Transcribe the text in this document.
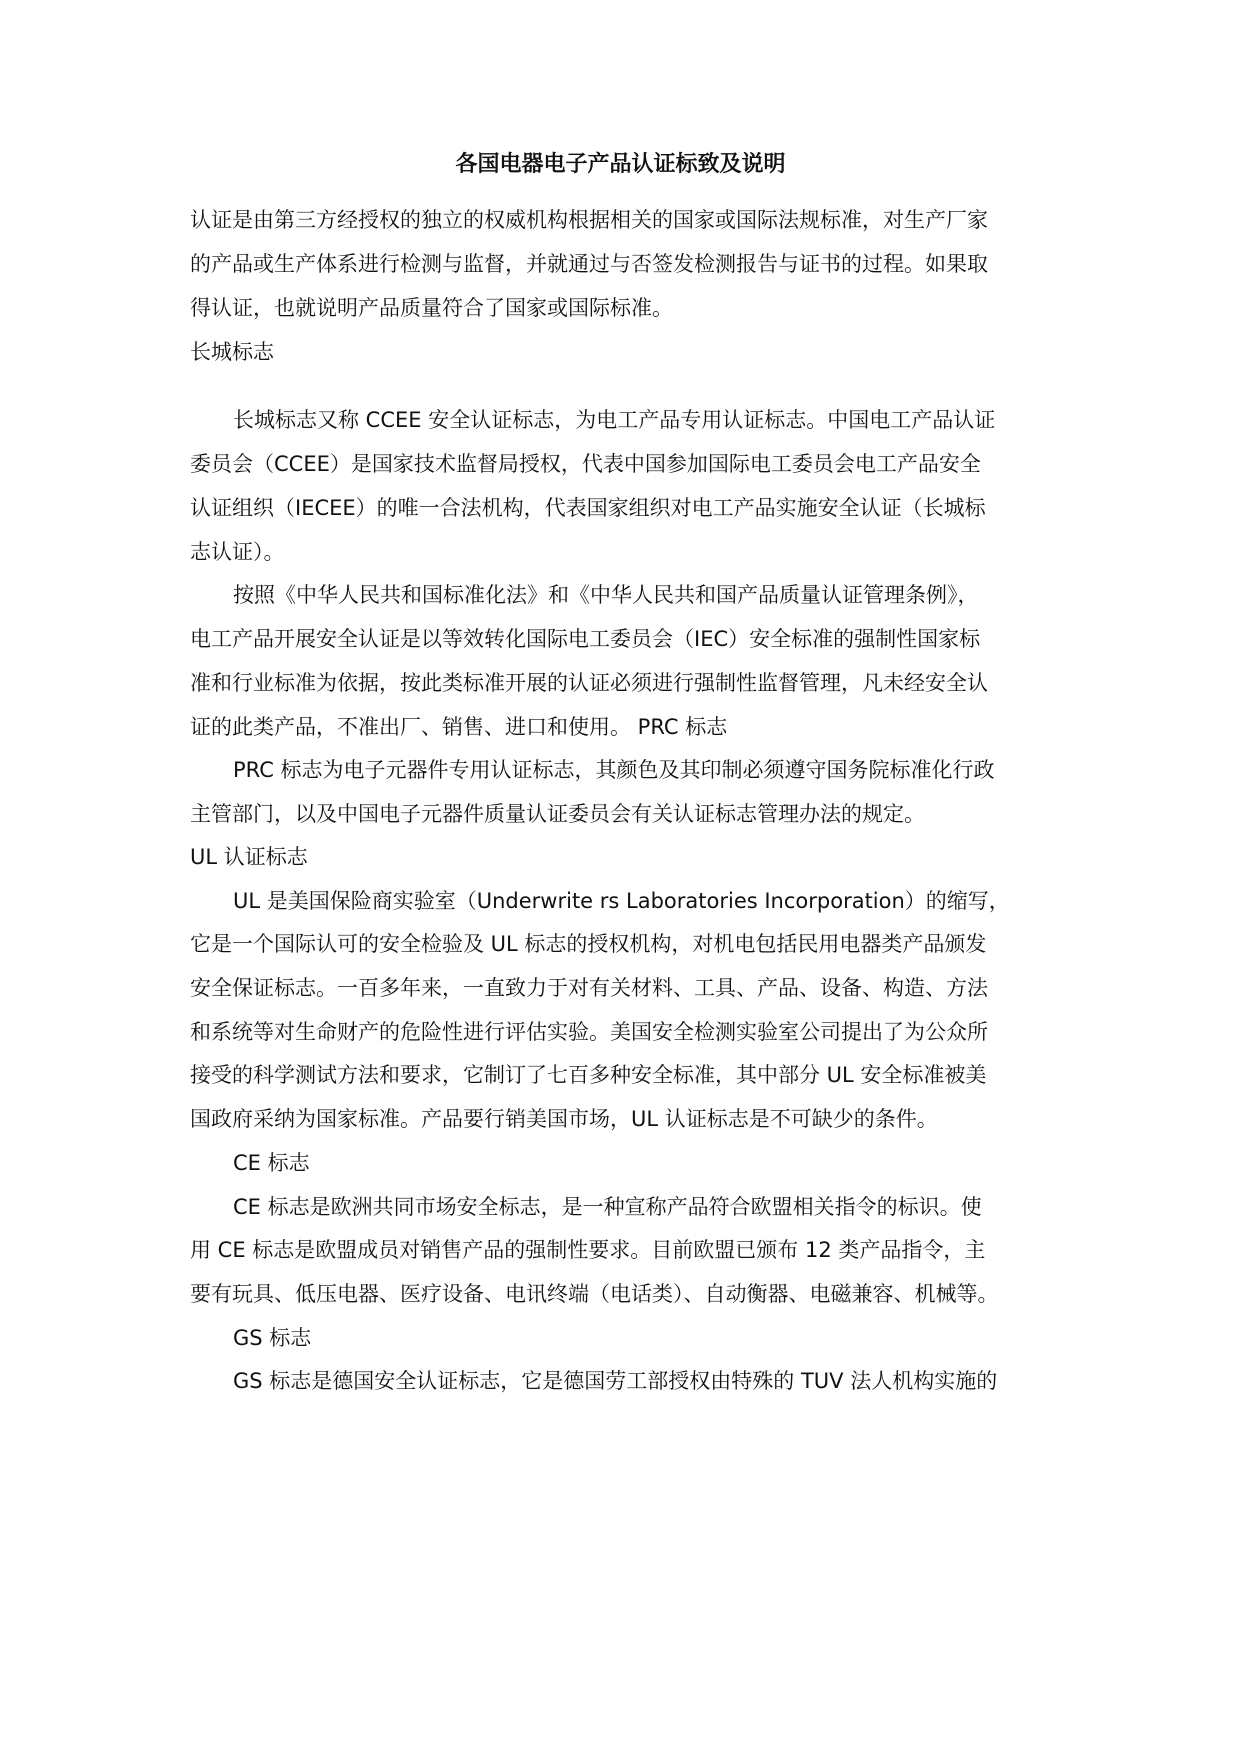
各国电器电子产品认证标致及说明
认证是由第三方经授权的独立的权威机构根据相关的国家或国际法规标准，对生产厂家
的产品或生产体系进行检测与监督，并就通过与否签发检测报告与证书的过程。如果取
得认证，也就说明产品质量符合了国家或国际标准。
长城标志
长城标志又称 CCEE 安全认证标志，为电工产品专用认证标志。中国电工产品认证
委员会（CCEE）是国家技术监督局授权，代表中国参加国际电工委员会电工产品安全
认证组织（IECEE）的唯一合法机构，代表国家组织对电工产品实施安全认证（长城标
志认证）。
按照《中华人民共和国标准化法》和《中华人民共和国产品质量认证管理条例》，
电工产品开展安全认证是以等效转化国际电工委员会（IEC）安全标准的强制性国家标
准和行业标准为依据，按此类标准开展的认证必须进行强制性监督管理，凡未经安全认
证的此类产品，不准出厂、销售、进口和使用。 PRC 标志
PRC 标志为电子元器件专用认证标志，其颜色及其印制必须遵守国务院标准化行政
主管部门，以及中国电子元器件质量认证委员会有关认证标志管理办法的规定。
UL 认证标志
UL 是美国保险商实验室（Underwrite rs Laboratories Incorporation）的缩写，
它是一个国际认可的安全检验及 UL 标志的授权机构，对机电包括民用电器类产品颁发
安全保证标志。一百多年来，一直致力于对有关材料、工具、产品、设备、构造、方法
和系统等对生命财产的危险性进行评估实验。美国安全检测实验室公司提出了为公众所
接受的科学测试方法和要求，它制订了七百多种安全标准，其中部分 UL 安全标准被美
国政府采纳为国家标准。产品要行销美国市场，UL 认证标志是不可缺少的条件。
CE 标志
CE 标志是欧洲共同市场安全标志，是一种宣称产品符合欧盟相关指令的标识。使
用 CE 标志是欧盟成员对销售产品的强制性要求。目前欧盟已颁布 12 类产品指令，主
要有玩具、低压电器、医疗设备、电讯终端（电话类）、自动衡器、电磁兼容、机械等。
GS 标志
GS 标志是德国安全认证标志，它是德国劳工部授权由特殊的 TUV 法人机构实施的
